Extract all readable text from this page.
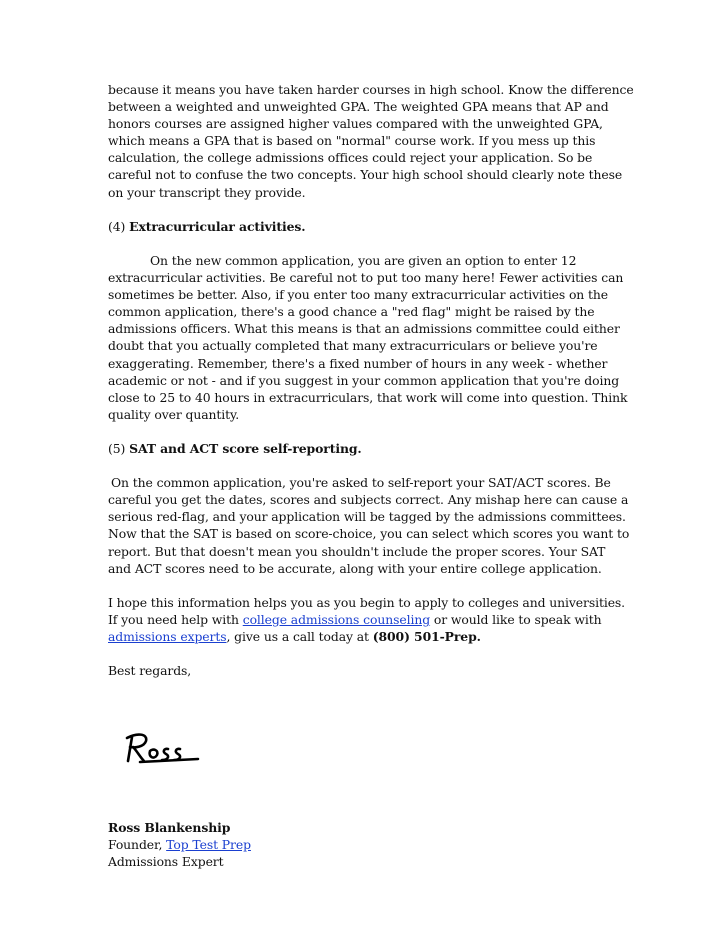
because it means you have taken harder courses in high school. Know the difference
between a weighted and unweighted GPA. The weighted GPA means that AP and
honors courses are assigned higher values compared with the unweighted GPA,
which means a GPA that is based on "normal" course work. If you mess up this
calculation, the college admissions offices could reject your application. So be
careful not to confuse the two concepts. Your high school should clearly note these
on your transcript they provide.

(4) Extracurricular activities.

On the new common application, you are given an option to enter 12
extracurricular activities. Be careful not to put too many here! Fewer activities can
sometimes be better. Also, if you enter too many extracurricular activities on the
common application, there's a good chance a "red flag" might be raised by the
admissions officers. What this means is that an admissions committee could either
doubt that you actually completed that many extracurriculars or believe you're
exaggerating. Remember, there's a fixed number of hours in any week - whether
academic or not - and if you suggest in your common application that you're doing
close to 25 to 40 hours in extracurriculars, that work will come into question. Think
quality over quantity.

(5) SAT and ACT score self-reporting.

On the common application, you're asked to self-report your SAT/ACT scores. Be
careful you get the dates, scores and subjects correct. Any mishap here can cause a
serious red-flag, and your application will be tagged by the admissions committees.
Now that the SAT is based on score-choice, you can select which scores you want to
report. But that doesn't mean you shouldn't include the proper scores. Your SAT
and ACT scores need to be accurate, along with your entire college application.

I hope this information helps you as you begin to apply to colleges and universities.
If you need help with college admissions counseling or would like to speak with
admissions experts, give us a call today at (800) 501-Prep.

Best regards,

Ross Blankenship
Founder, Top Test Prep
Admissions Expert
